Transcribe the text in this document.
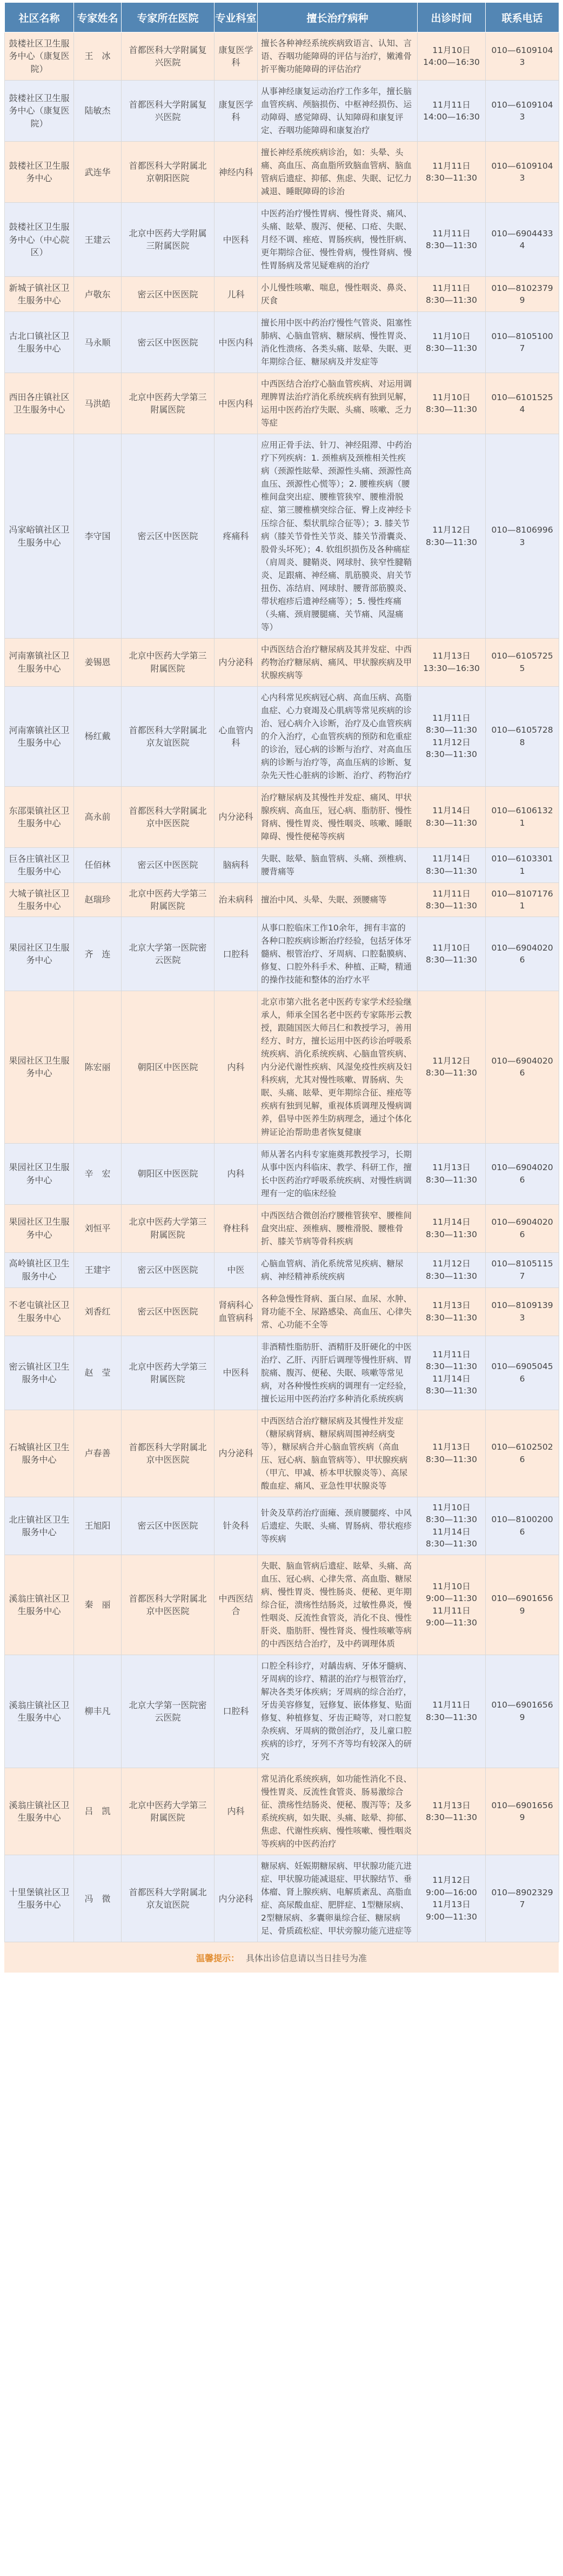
社区名称	专家姓名	专家所在医院	专业科室	擅长治疗病种	出诊时间	联系电话
鼓楼社区卫生服务中心（康复医院）	王　冰	首都医科大学附属复兴医院	康复医学科	擅长各种神经系统疾病致语言、认知、言语、吞咽功能障碍的评估与治疗，嫩滩骨折平衡功能障碍的评估治疗	11月10日
14:00—16:30	010—61091043
鼓楼社区卫生服务中心（康复医院）	陆敏杰	首都医科大学附属复兴医院	康复医学科	从事神经康复运动治疗工作多年，擅长脑血管疾病、颅脑损伤、中枢神经损伤、运动障碍、感觉障碍、认知障碍和康复评定、吞咽功能障碍和康复治疗	11月11日
14:00—16:30	010—61091043
鼓楼社区卫生服务中心	武连华	首都医科大学附属北京朝阳医院	神经内科	擅长神经系统疾病诊治，如：头晕、头痛、高血压、高血脂所致脑血管病、脑血管病后遗症、抑郁、焦虑、失眠、记忆力减退、睡眠障碍的诊治	11月11日
8:30—11:30	010—61091043
鼓楼社区卫生服务中心（中心院区）	王建云	北京中医药大学附属三附属医院	中医科	中医药治疗慢性胃病、慢性肾炎、痛风、头痛、眩晕、腹泻、便秘、口疮、失眠、月经不调、痤疮、胃肠疾病，慢性肝病、更年期综合征、慢性骨病，慢性肾病、慢性胃肠病及常见疑难病的治疗	11月11日
8:30—11:30	010—69044334
新城子镇社区卫生服务中心	卢敬东	密云区中医医院	儿科	小儿慢性咳嗽、喘息，慢性咽炎、鼻炎、厌食	11月11日
8:30—11:30	010—81023799
古北口镇社区卫生服务中心	马永顺	密云区中医医院	中医内科	擅长用中医中药治疗慢性气管炎、阻塞性肺病、心脑血管病、糖尿病、慢性胃炎、消化性溃疡、各类头痛、眩晕、失眠、更年期综合征、糖尿病及并发症等	11月10日
8:30—11:30	010—81051007
西田各庄镇社区卫生服务中心	马洪皓	北京中医药大学第三附属医院	中医内科	中西医结合治疗心脑血管疾病、对运用调理脾胃法治疗消化系统疾病有独到见解，运用中医药治疗失眠、头痛、咳嗽、乏力等症	11月10日
8:30—11:30	010—61015254
冯家峪镇社区卫生服务中心	李守国	密云区中医医院	疼痛科	应用正骨手法、针刀、神经阻滞、中药治疗下列疾病：1. 颈椎病及颈椎相关性疾病（颈源性眩晕、颈源性头痛、颈源性高血压、颈源性心慌等）；2. 腰椎疾病（腰椎间盘突出症、腰椎管狭窄、腰椎滑脱症、第三腰椎横突综合征、臀上皮神经卡压综合征、梨状肌综合征等）；3. 膝关节病（膝关节骨性关节炎、膝关节滑囊炎、股骨头坏死）；4. 软组织损伤及各种痛症（肩周炎、腱鞘炎、网球肘、狭窄性腱鞘炎、足跟痛、神经痛、肌筋膜炎、肩关节扭伤、冻结肩、网球肘、腰背部筋膜炎、带状疱疹后遗神经痛等）；5. 慢性疼痛（头痛、颈肩腰腿痛、关节痛、风湿痛等）	11月12日
8:30—11:30	010—81069963
河南寨镇社区卫生服务中心	姜锡恩	北京中医药大学第三附属医院	内分泌科	中西医结合治疗糖尿病及其并发症、中西药物治疗糖尿病、痛风、甲状腺疾病及甲状腺疾病等	11月13日
13:30—16:30	010—61057255
河南寨镇社区卫生服务中心	杨红戴	首都医科大学附属北京友谊医院	心血管内科	心内科常见疾病冠心病、高血压病、高脂血症、心力衰竭及心肌病等常见疾病的诊治、冠心病介入诊断，治疗及心血管疾病的介入治疗，心血管疾病的预防和危重症的诊治，冠心病的诊断与治疗、对高血压病的诊断与治疗等，高血压病的诊断、复杂先天性心脏病的诊断、治疗、药物治疗	11月11日
8:30—11:30
11月12日
8:30—11:30	010—61057288
东邵渠镇社区卫生服务中心	高永前	首都医科大学附属北京中医医院	内分泌科	治疗糖尿病及其慢性并发症、痛风、甲状腺疾病、高血压，冠心病、脂肪肝、慢性肾病、慢性胃炎、慢性咽炎、咳嗽、睡眠障碍、慢性便秘等疾病	11月14日
8:30—11:30	010—61061321
巨各庄镇社区卫生服务中心	任佰林	密云区中医医院	脑病科	失眠、眩晕、脑血管病、头痛、颈椎病、腰背痛等	11月14日
8:30—11:30	010—61033011
大城子镇社区卫生服务中心	赵瑞珍	北京中医药大学第三附属医院	治未病科	擅治中风、头晕、失眠、颈腰痛等	11月11日
8:30—11:30	010—81071761
果园社区卫生服务中心	齐　连	北京大学第一医院密云医院	口腔科	从事口腔临床工作10余年，拥有丰富的各种口腔疾病诊断治疗经验，包括牙体牙髓病、根管治疗、牙周病、口腔黏膜病、修复、口腔外科手术、种植、正畸，精通的操作技能和整体的治疗水平	11月10日
8:30—11:30	010—69040206
果园社区卫生服务中心	陈宏丽	朝阳区中医医院	内科	北京市第六批名老中医药专家学术经验继承人，师承全国名老中医药专家陈彤云教授，跟随国医大师吕仁和教授学习，善用经方、时方，擅长运用中医药诊治呼吸系统疾病、消化系统疾病、心脑血管疾病、内分泌代谢性疾病、风湿免疫性疾病及妇科疾病，尤其对慢性咳嗽、胃肠病、失眠、头痛、眩晕、更年期综合征、痤疮等疾病有独到见解，重视体质调理及慢病调养，倡导中医养生防病理念，通过个体化辨证论治帮助患者恢复健康	11月12日
8:30—11:30	010—69040206
果园社区卫生服务中心	辛　宏	朝阳区中医医院	内科	师从著名内科专家施奠邦教授学习，长期从事中医内科临床、教学、科研工作，擅长中医药治疗呼吸系统疾病、对慢性病调理有一定的临床经验	11月13日
8:30—11:30	010—69040206
果园社区卫生服务中心	刘恒平	北京中医药大学第三附属医院	脊柱科	中西医结合微创治疗腰椎管狭窄、腰椎间盘突出症、颈椎病、腰椎滑脱、腰椎骨折、膝关节病等骨科疾病	11月14日
8:30—11:30	010—69040206
高岭镇社区卫生服务中心	王建宇	密云区中医医院	中医	心脑血管病、消化系统常见疾病、糖尿病、神经精神系统疾病	11月12日
8:30—11:30	010—81051157
不老屯镇社区卫生服务中心	刘香红	密云区中医医院	肾病科心血管病科	各种急慢性肾病、蛋白尿、血尿、水肿、肾功能不全、尿路感染、高血压、心律失常、心功能不全等	11月13日
8:30—11:30	010—81091393
密云镇社区卫生服务中心	赵　莹	北京中医药大学第三附属医院	中医科	非酒精性脂肪肝、酒精肝及肝硬化的中医治疗、乙肝、丙肝后调理等慢性肝病、胃脘痛、腹泻、便秘、失眠、咳嗽等常见病，对各种慢性疾病的调理有一定经验，擅长运用中医药治疗多种消化系统疾病	11月11日
8:30—11:30
11月14日
8:30—11:30	010—69050456
石城镇社区卫生服务中心	卢春善	首都医科大学附属北京中医医院	内分泌科	中西医结合治疗糖尿病及其慢性并发症（糖尿病肾病、糖尿病周围神经病变等），糖尿病合并心脑血管疾病（高血压、冠心病、脑血管病等）、甲状腺疾病（甲亢、甲减、桥本甲状腺炎等）、高尿酸血症、痛风、亚急性甲状腺炎等	11月13日
8:30—11:30	010—61025026
北庄镇社区卫生服务中心	王旭阳	密云区中医医院	针灸科	针灸及草药治疗面瘫、颈肩腰腿疼、中风后遗症、失眠、头痛、胃肠病、带状疱疹等疾病	11月10日
8:30—11:30
11月14日
8:30—11:30	010—81002006
溪翁庄镇社区卫生服务中心	秦　丽	首都医科大学附属北京中医医院	中西医结合	失眠、脑血管病后遗症、眩晕、头痛、高血压、冠心病、心律失常、高血脂、糖尿病、慢性胃炎、慢性肠炎、便秘、更年期综合征，溃疡性结肠炎，过敏性鼻炎，慢性咽炎、反流性食管炎，消化不良、慢性肝炎、脂肪肝、慢性肾炎、慢性咳嗽等病的中西医结合治疗，及中药调理体质	11月10日
9:00—11:30
11月11日
9:00—11:30	010—69016569
溪翁庄镇社区卫生服务中心	柳丰凡	北京大学第一医院密云医院	口腔科	口腔全科诊疗，对龋齿病、牙体牙髓病、牙周病的诊疗、精湛的治疗与根管治疗，解决各类牙体疾病；牙周病的综合治疗，牙齿美容修复，冠修复、嵌体修复、贴面修复、种植修复、牙齿正畸等，对口腔复杂疾病、牙周病的微创治疗，及儿童口腔疾病的诊疗，牙列不齐等均有较深入的研究	11月11日
8:30—11:30	010—69016569
溪翁庄镇社区卫生服务中心	吕　凯	北京中医药大学第三附属医院	内科	常见消化系统疾病，如功能性消化不良、慢性胃炎、反流性食管炎、肠易激综合征、溃疡性结肠炎、便秘、腹泻等；及多系统疾病，如失眠、头痛、眩晕、抑郁、焦虑、代谢性疾病、慢性咳嗽、慢性咽炎等疾病的中医药治疗	11月13日
8:30—11:30	010—69016569
十里堡镇社区卫生服务中心	冯　微	首都医科大学附属北京友谊医院	内分泌科	糖尿病、妊娠期糖尿病、甲状腺功能亢进症、甲状腺功能减退症、甲状腺结节、垂体瘤、肾上腺疾病、电解质紊乱、高脂血症、高尿酸血症、肥胖症、1型糖尿病、2型糖尿病、多囊卵巢综合征、糖尿病足、骨质疏松症、甲状旁腺功能亢进症等	11月12日
9:00—16:00
11月13日
9:00—11:30	010—89023297
温馨提示： 具体出诊信息请以当日挂号为准
